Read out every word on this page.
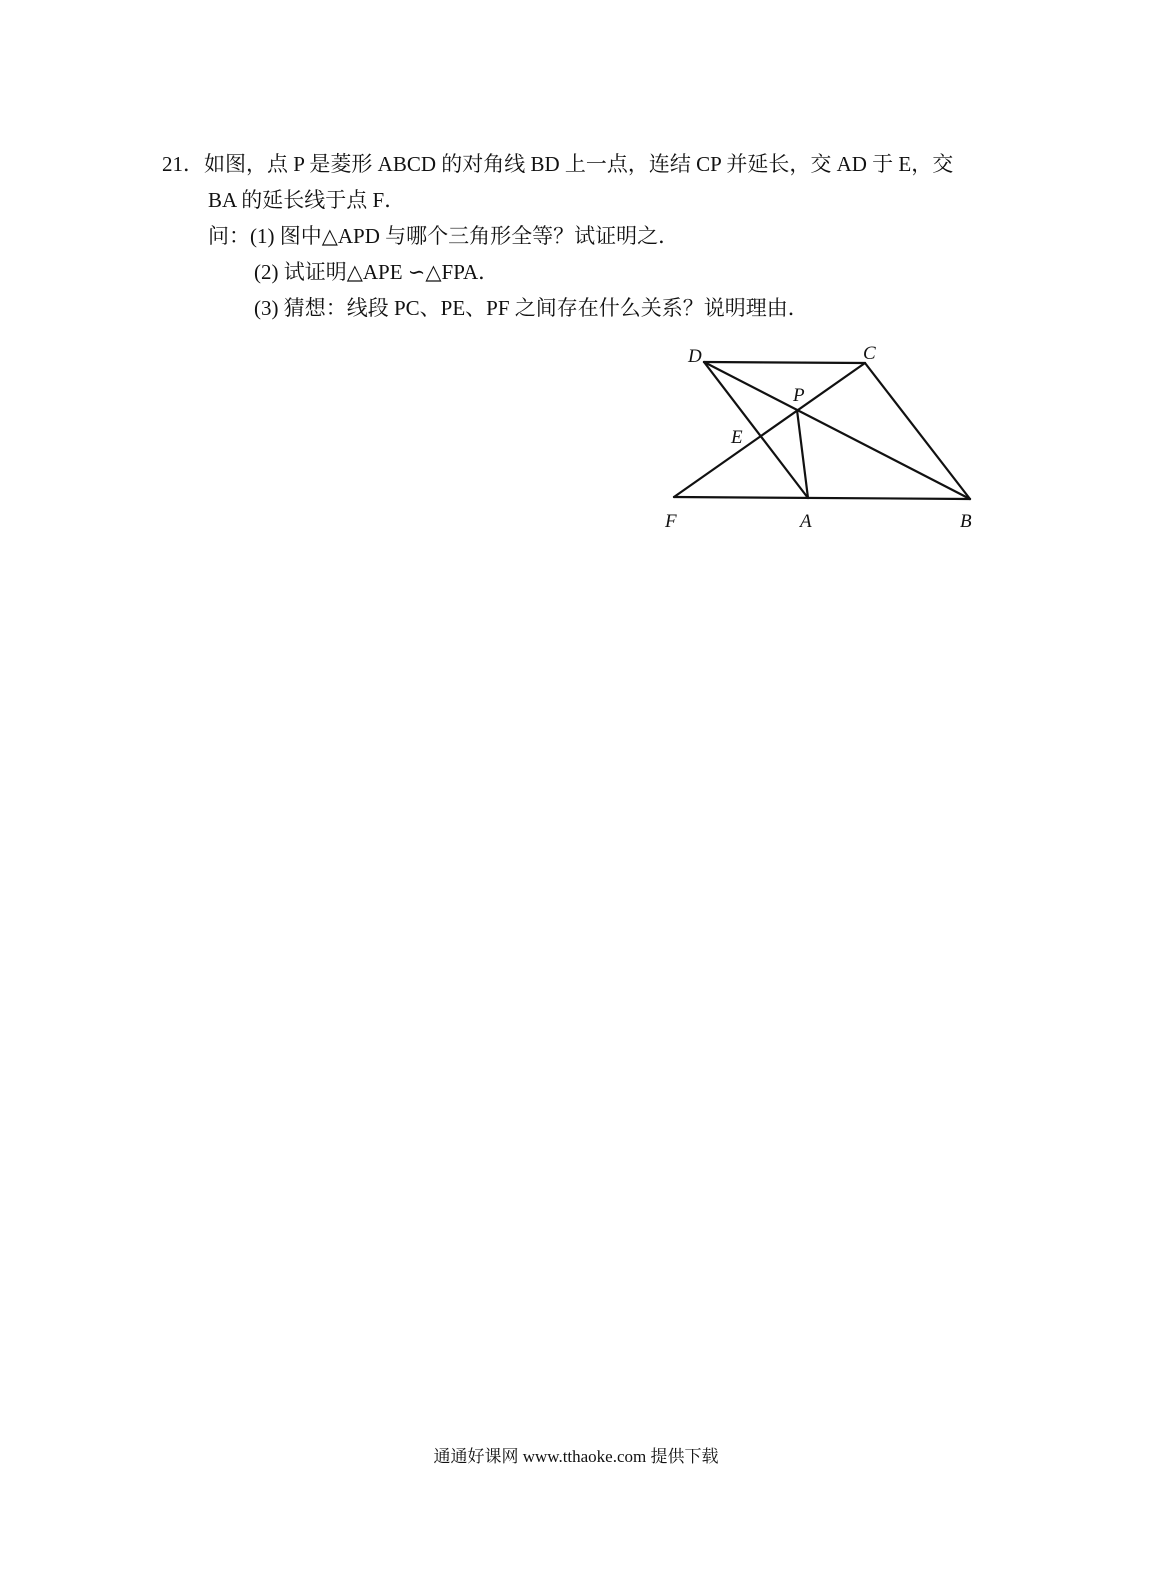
21．如图，点 P 是菱形 ABCD 的对角线 BD 上一点，连结 CP 并延长，交 AD 于 E，交
BA 的延长线于点 F．
问：(1) 图中△APD 与哪个三角形全等？试证明之．
(2) 试证明△APE ∽△FPA．
(3) 猜想：线段 PC、PE、PF 之间存在什么关系？说明理由．
D	C
P
E
F	A	B
通通好课网 www.tthaoke.com 提供下载
